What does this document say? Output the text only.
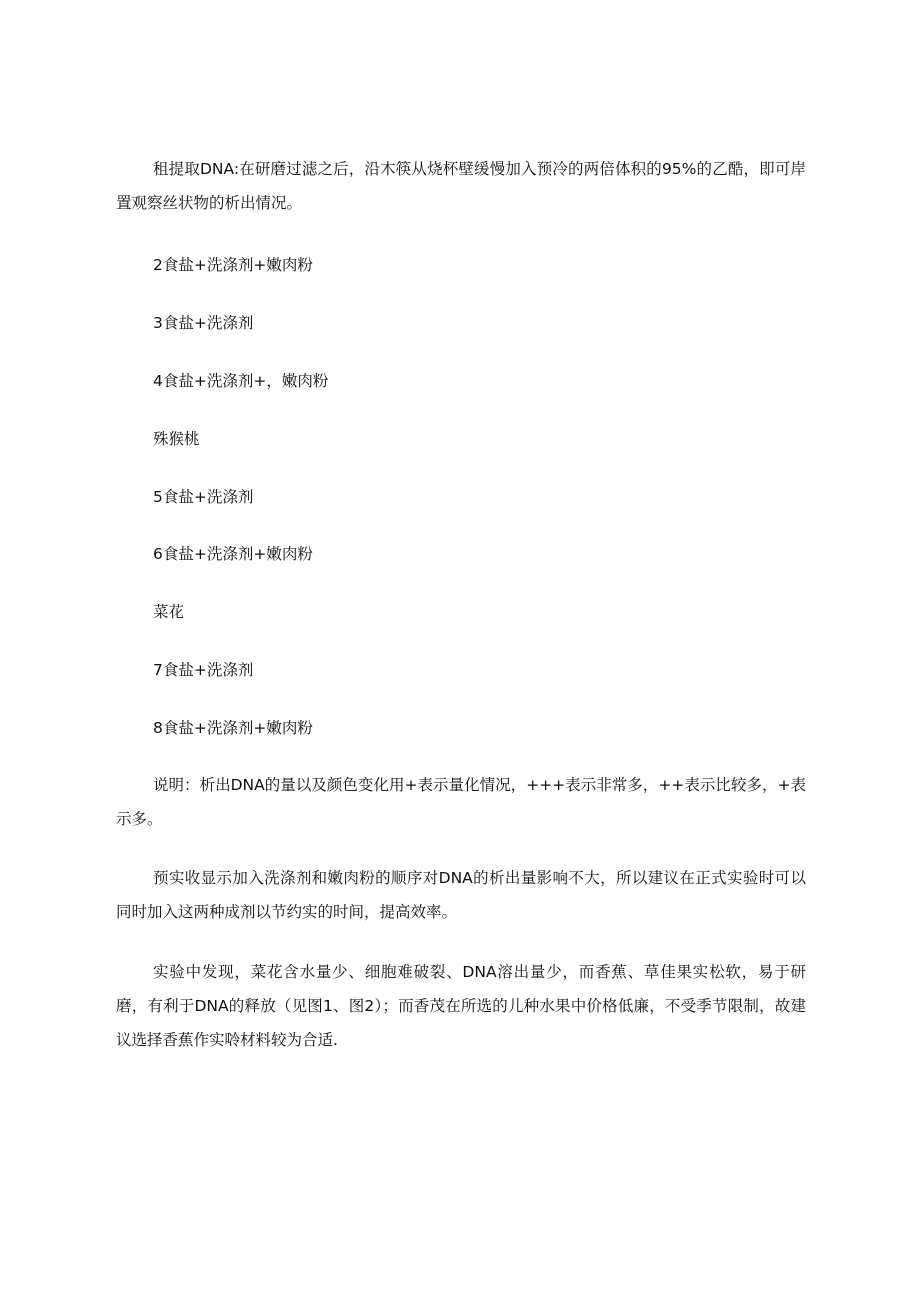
租提取DNA:在研磨过滤之后，沿木筷从烧杯壁缓慢加入预冷的两倍体积的95%的乙酷，即可岸置观察丝状物的析出情况。
2食盐+洗涤剂+嫩肉粉
3食盐+洗涤剂
4食盐+洗涤剂+，嫩肉粉
殊猴桃
5食盐+洗涤剂
6食盐+洗涤剂+嫩肉粉
菜花
7食盐+洗涤剂
8食盐+洗涤剂+嫩肉粉
说明：析出DNA的量以及颜色变化用+表示量化情况，+++表示非常多，++表示比较多，+表示多。
预实收显示加入洗涤剂和嫩肉粉的顺序对DNA的析出量影响不大，所以建议在正式实验时可以同时加入这两种成剂以节约实的时间，提高效率。
实验中发现，菜花含水量少、细胞难破裂、DNA溶出量少，而香蕉、草佳果实松软，易于研磨，有利于DNA的释放（见图1、图2）；而香茂在所选的儿种水果中价格低廉，不受季节限制，故建议选择香蕉作实唥材料较为合适.
